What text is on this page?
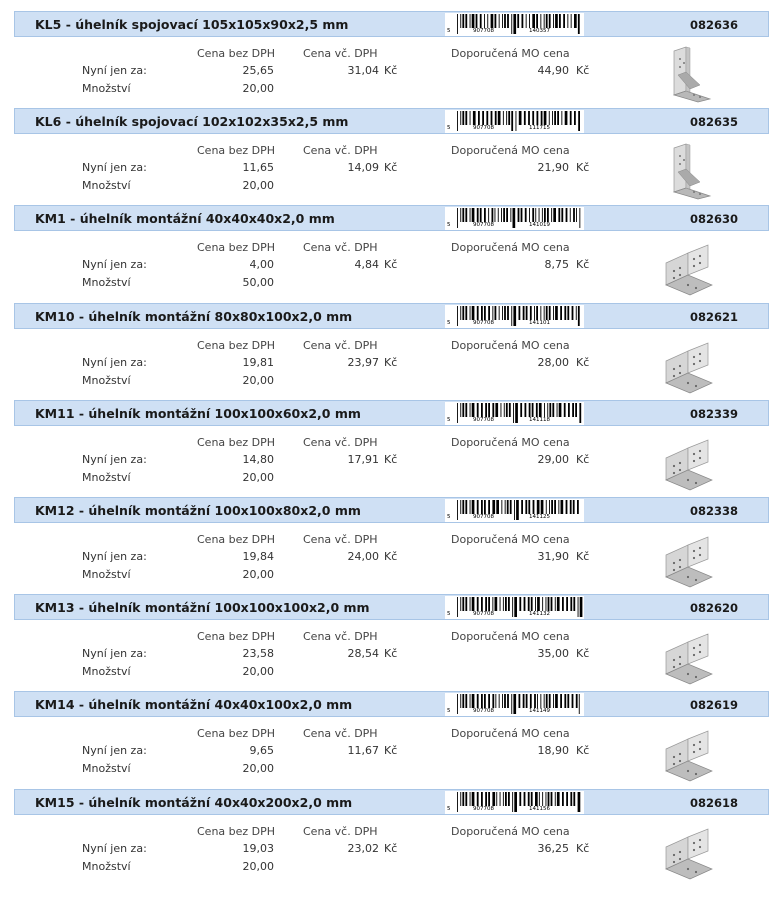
KL5 - úhelník spojovací 105x105x90x2,5 mm	5	907708	140357	082636
Cena bez DPH	Cena vč. DPH	Doporučená MO cena
Nyní jen za:	25,65	31,04 Kč	44,90 Kč
Množství	20,00
KL6 - úhelník spojovací 102x102x35x2,5 mm	5	907708	111715	082635
Cena bez DPH	Cena vč. DPH	Doporučená MO cena
Nyní jen za:	11,65	14,09 Kč	21,90 Kč
Množství	20,00
KM1 - úhelník montážní 40x40x40x2,0 mm	5	907708	141019	082630
Cena bez DPH	Cena vč. DPH	Doporučená MO cena
Nyní jen za:	4,00	4,84 Kč	8,75 Kč
Množství	50,00
KM10 - úhelník montážní 80x80x100x2,0 mm	5	907708	141101	082621
Cena bez DPH	Cena vč. DPH	Doporučená MO cena
Nyní jen za:	19,81	23,97 Kč	28,00 Kč
Množství	20,00
KM11 - úhelník montážní 100x100x60x2,0 mm	5	907708	141118	082339
Cena bez DPH	Cena vč. DPH	Doporučená MO cena
Nyní jen za:	14,80	17,91 Kč	29,00 Kč
Množství	20,00
KM12 - úhelník montážní 100x100x80x2,0 mm	5	907708	141125	082338
Cena bez DPH	Cena vč. DPH	Doporučená MO cena
Nyní jen za:	19,84	24,00 Kč	31,90 Kč
Množství	20,00
KM13 - úhelník montážní 100x100x100x2,0 mm	5	907708	141132	082620
Cena bez DPH	Cena vč. DPH	Doporučená MO cena
Nyní jen za:	23,58	28,54 Kč	35,00 Kč
Množství	20,00
KM14 - úhelník montážní 40x40x100x2,0 mm	5	907708	141149	082619
Cena bez DPH	Cena vč. DPH	Doporučená MO cena
Nyní jen za:	9,65	11,67 Kč	18,90 Kč
Množství	20,00
KM15 - úhelník montážní 40x40x200x2,0 mm	5	907708	141156	082618
Cena bez DPH	Cena vč. DPH	Doporučená MO cena
Nyní jen za:	19,03	23,02 Kč	36,25 Kč
Množství	20,00
